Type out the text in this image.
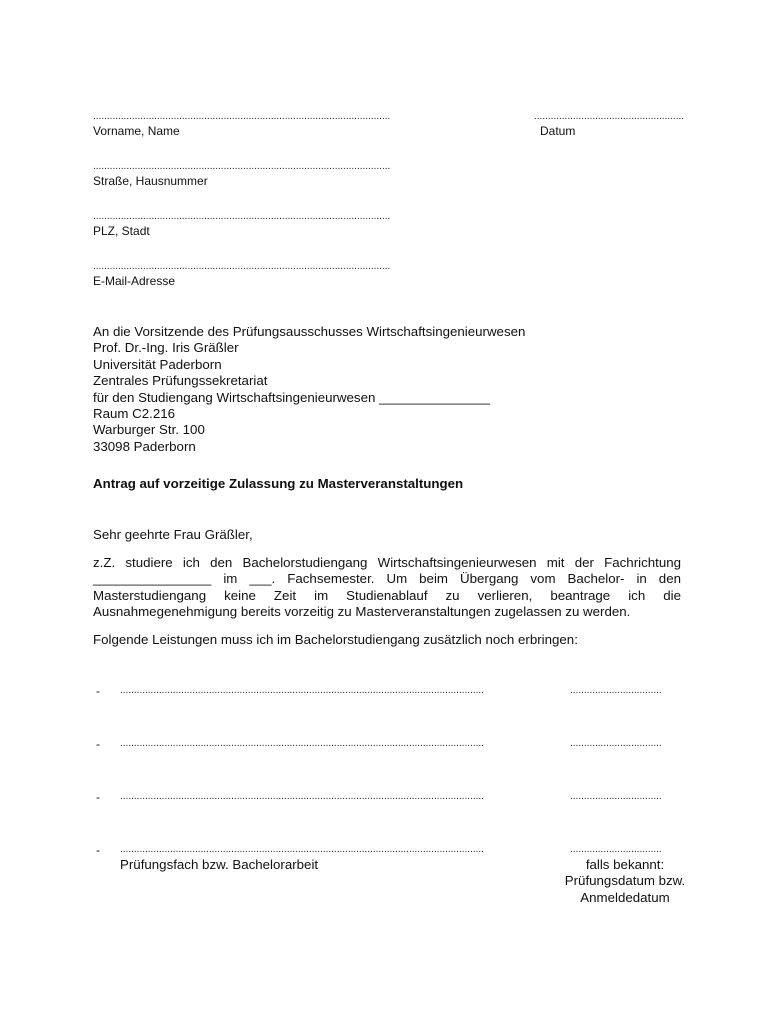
...........................................................................................................	......................................................
Vorname, Name	Datum
...........................................................................................................
Straße, Hausnummer
...........................................................................................................
PLZ, Stadt
...........................................................................................................
E-Mail-Adresse
An die Vorsitzende des Prüfungsausschusses Wirtschaftsingenieurwesen
Prof. Dr.-Ing. Iris Gräßler
Universität Paderborn
Zentrales Prüfungssekretariat
für den Studiengang Wirtschaftsingenieurwesen _______________
Raum C2.216
Warburger Str. 100
33098 Paderborn
Antrag auf vorzeitige Zulassung zu Masterveranstaltungen
Sehr geehrte Frau Gräßler,
z.Z. studiere ich den Bachelorstudiengang Wirtschaftsingenieurwesen mit der Fachrichtung ________________ im ___. Fachsemester. Um beim Übergang vom Bachelor- in den Masterstudiengang keine Zeit im Studienablauf zu verlieren, beantrage ich die Ausnahmegenehmigung bereits vorzeitig zu Masterveranstaltungen zugelassen zu werden.
Folgende Leistungen muss ich im Bachelorstudiengang zusätzlich noch erbringen:
- ...................................................................................................................................	.................................
- ...................................................................................................................................	.................................
- ...................................................................................................................................	.................................
- ...................................................................................................................................	.................................
Prüfungsfach bzw. Bachelorarbeit	falls bekannt:
Prüfungsdatum bzw.
Anmeldedatum
